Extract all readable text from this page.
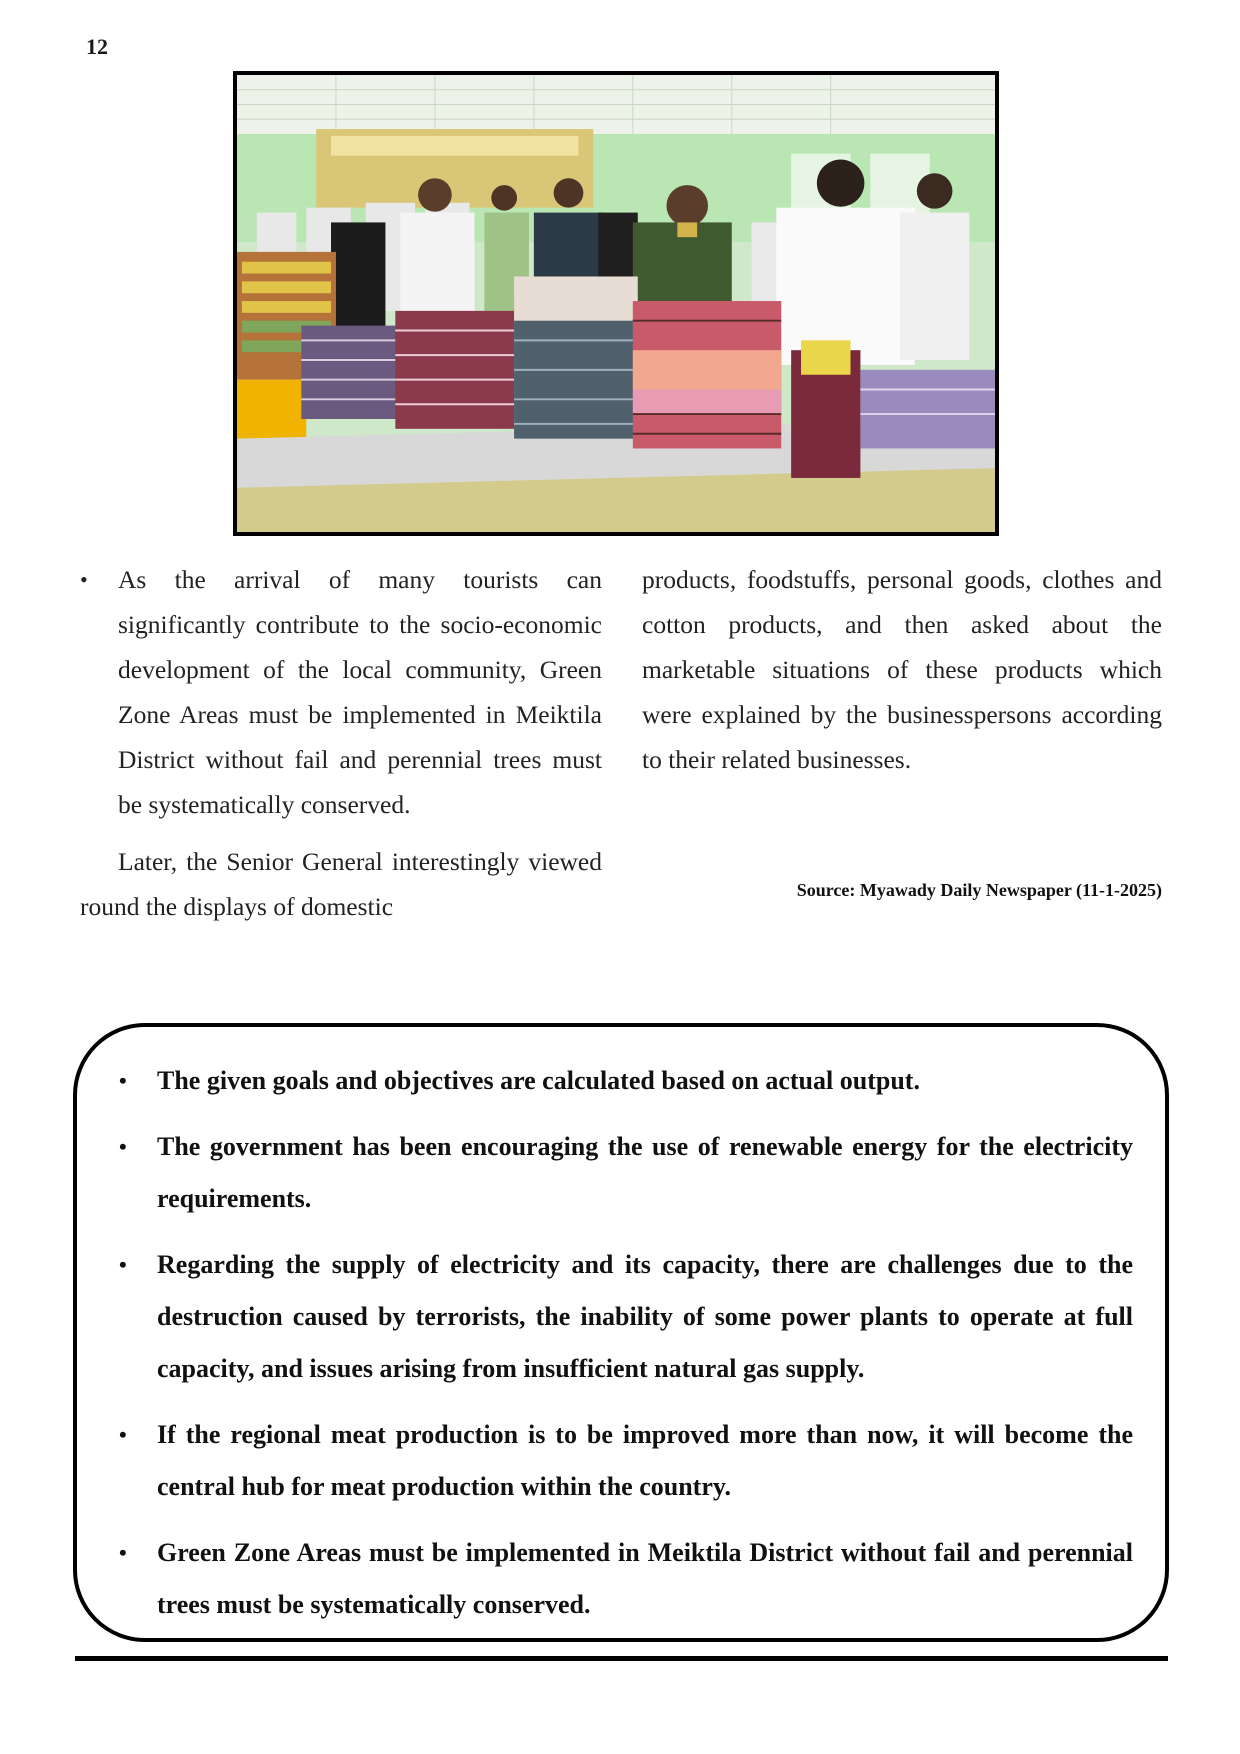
12
• As the arrival of many tourists can significantly contribute to the socio-economic development of the local community, Green Zone Areas must be implemented in Meiktila District without fail and perennial trees must be systematically conserved.

Later, the Senior General interestingly viewed round the displays of domestic

products, foodstuffs, personal goods, clothes and cotton products, and then asked about the marketable situations of these products which were explained by the businesspersons according to their related businesses.

Source: Myawady Daily Newspaper (11-1-2025)
• The given goals and objectives are calculated based on actual output.
• The government has been encouraging the use of renewable energy for the electricity requirements.
• Regarding the supply of electricity and its capacity, there are challenges due to the destruction caused by terrorists, the inability of some power plants to operate at full capacity, and issues arising from insufficient natural gas supply.
• If the regional meat production is to be improved more than now, it will become the central hub for meat production within the country.
• Green Zone Areas must be implemented in Meiktila District without fail and perennial trees must be systematically conserved.
